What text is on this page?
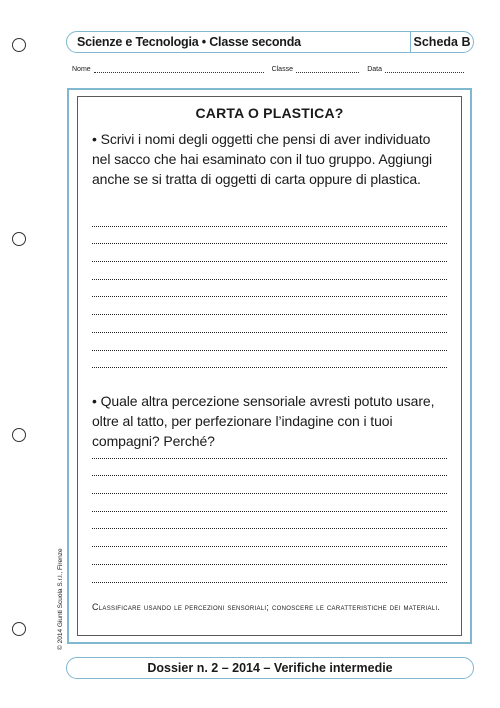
Scienze e Tecnologia • Classe seconda	Scheda B
Nome	Classe	Data
CARTA O PLASTICA?
• Scrivi i nomi degli oggetti che pensi di aver individuato nel sacco che hai esaminato con il tuo gruppo. Aggiungi anche se si tratta di oggetti di carta oppure di plastica.
• Quale altra percezione sensoriale avresti potuto usare, oltre al tatto, per perfezionare l’indagine con i tuoi compagni? Perché?
Classificare usando le percezioni sensoriali; conoscere le caratteristiche dei materiali.
© 2014 Giunti Scuola S.r.l., Firenze
Dossier n. 2 – 2014 – Verifiche intermedie
